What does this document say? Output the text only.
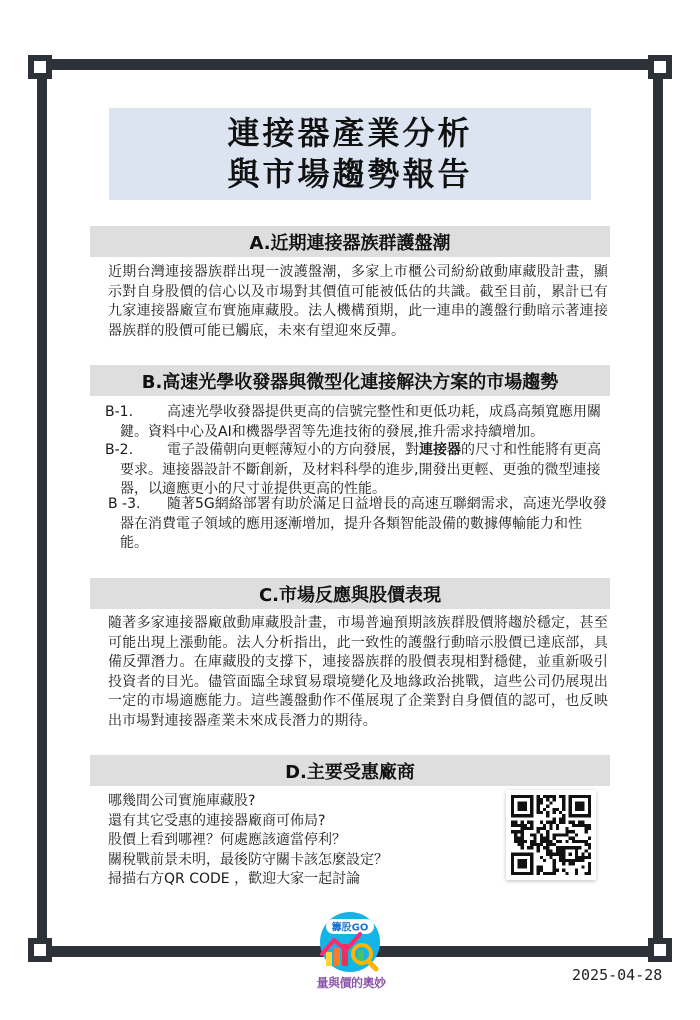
連接器產業分析
與市場趨勢報告
A.近期連接器族群護盤潮
近期台灣連接器族群出現一波護盤潮，多家上市櫃公司紛紛啟動庫藏股計畫，顯示對自身股價的信心以及市場對其價值可能被低估的共識。截至目前，累計已有九家連接器廠宣布實施庫藏股。法人機構預期，此一連串的護盤行動暗示著連接器族群的股價可能已觸底，未來有望迎來反彈。
B.高速光學收發器與微型化連接解決方案的市場趨勢
B-1.	高速光學收發器提供更高的信號完整性和更低功耗，成爲高頻寬應用關鍵。資料中心及AI和機器學習等先進技術的發展,推升需求持續增加。
B-2.	電子設備朝向更輕薄短小的方向發展，對連接器的尺寸和性能將有更高要求。連接器設計不斷創新，及材料科學的進步,開發出更輕、更強的微型連接器，以適應更小的尺寸並提供更高的性能。
B -3.	隨著5G網絡部署有助於滿足日益增長的高速互聯網需求，高速光學收發器在消費電子領域的應用逐漸增加，提升各類智能設備的數據傳輸能力和性能。
C.市場反應與股價表現
隨著多家連接器廠啟動庫藏股計畫，市場普遍預期該族群股價將趨於穩定，甚至可能出現上漲動能。法人分析指出，此一致性的護盤行動暗示股價已達底部，具備反彈潛力。在庫藏股的支撐下，連接器族群的股價表現相對穩健，並重新吸引投資者的目光。儘管面臨全球貿易環境變化及地緣政治挑戰，這些公司仍展現出一定的市場適應能力。這些護盤動作不僅展現了企業對自身價值的認可，也反映出市場對連接器產業未來成長潛力的期待。
D.主要受惠廠商
哪幾間公司實施庫藏股?
還有其它受惠的連接器廠商可佈局?
股價上看到哪裡？何處應該適當停利？
關稅戰前景未明，最後防守關卡該怎麼設定？
掃描右方QR CODE ，歡迎大家一起討論
籌股GO
量與價的奧妙	2025-04-28
